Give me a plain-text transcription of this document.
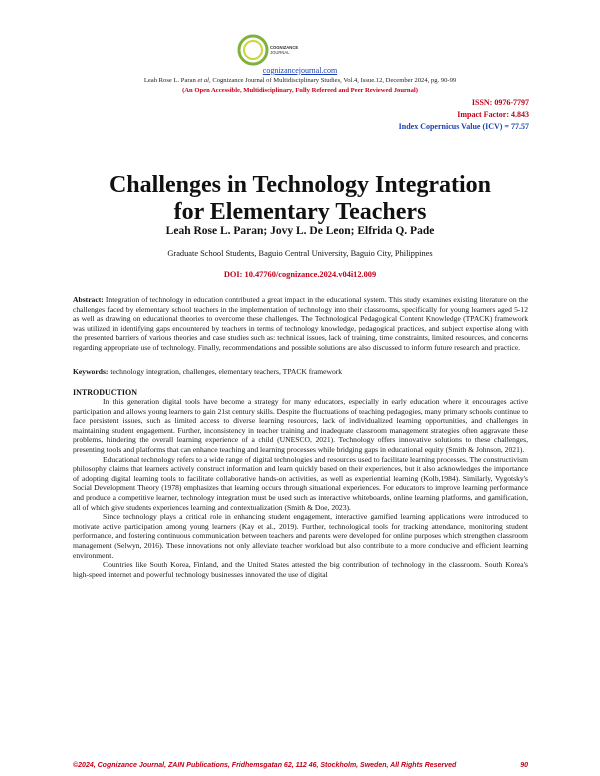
COGNIZANCE
JOURNAL
cognizancejournal.com
Leah Rose L. Paran et al, Cognizance Journal of Multidisciplinary Studies, Vol.4, Issue.12, December 2024, pg. 90-99
(An Open Accessible, Multidisciplinary, Fully Refereed and Peer Reviewed Journal)
ISSN: 0976-7797
Impact Factor: 4.843
Index Copernicus Value (ICV) = 77.57
Challenges in Technology Integration
for Elementary Teachers
Leah Rose L. Paran; Jovy L. De Leon; Elfrida Q. Pade
Graduate School Students, Baguio Central University, Baguio City, Philippines
DOI: 10.47760/cognizance.2024.v04i12.009
Abstract: Integration of technology in education contributed a great impact in the educational system. This study examines existing literature on the challenges faced by elementary school teachers in the implementation of technology into their classrooms, specifically for young learners aged 5-12 as well as drawing on educational theories to overcome these challenges. The Technological Pedagogical Content Knowledge (TPACK) framework was utilized in identifying gaps encountered by teachers in terms of technology knowledge, pedagogical practices, and subject expertise along with the presented barriers of various theories and case studies such as: technical issues, lack of training, time constraints, limited resources, and concerns regarding appropriate use of technology. Finally, recommendations and possible solutions are also discussed to inform future research and practice.
Keywords: technology integration, challenges, elementary teachers, TPACK framework
INTRODUCTION

In this generation digital tools have become a strategy for many educators, especially in early education where it encourages active participation and allows young learners to gain 21st century skills. Despite the fluctuations of teaching pedagogies, many primary schools continue to face persistent issues, such as limited access to diverse learning resources, lack of individualized learning opportunities, and challenges in maintaining student engagement. Further, inconsistency in teacher training and inadequate classroom management strategies often aggravate these problems, hindering the overall learning experience of a child (UNESCO, 2021). Technology offers innovative solutions to these challenges, presenting tools and platforms that can enhance teaching and learning processes while bridging gaps in educational equity (Smith & Johnson, 2021).

Educational technology refers to a wide range of digital technologies and resources used to facilitate learning processes. The constructivism philosophy claims that learners actively construct information and learn quickly based on their experiences, but it also acknowledges the importance of adopting digital learning tools to facilitate collaborative hands-on activities, as well as experiential learning (Kolb,1984). Similarly, Vygotsky's Social Development Theory (1978) emphasizes that learning occurs through situational experiences. For educators to improve learning performance and produce a competitive learner, technology integration must be used such as interactive whiteboards, online learning platforms, and gamification, all of which give students experiences learning and contextualization (Smith & Doe, 2023).

Since technology plays a critical role in enhancing student engagement, interactive gamified learning applications were introduced to motivate active participation among young learners (Kay et al., 2019). Further, technological tools for tracking attendance, monitoring student performance, and fostering continuous communication between teachers and parents were developed for online purposes which strengthen classroom management (Selwyn, 2016). These innovations not only alleviate teacher workload but also contribute to a more conducive and efficient learning environment.

Countries like South Korea, Finland, and the United States attested the big contribution of technology in the classroom. South Korea's high-speed internet and powerful technology businesses innovated the use of digital

©2024, Cognizance Journal, ZAIN Publications, Fridhemsgatan 62, 112 46, Stockholm, Sweden, All Rights Reserved	90
